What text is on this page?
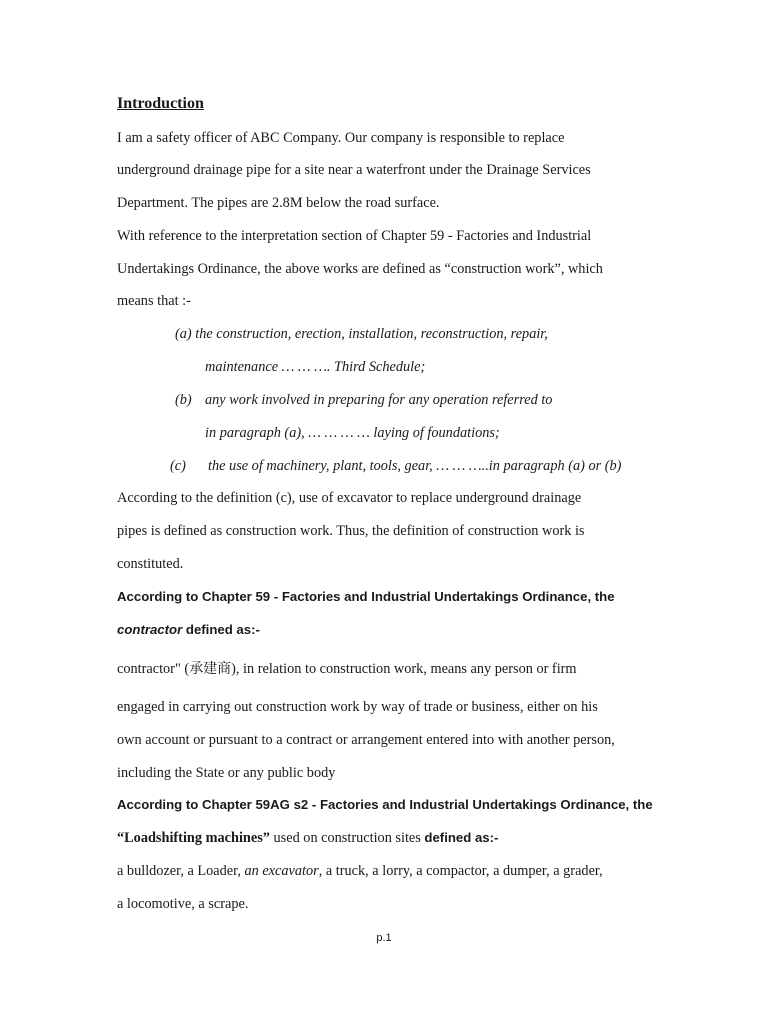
Introduction
I am a safety officer of ABC Company. Our company is responsible to replace
underground drainage pipe for a site near a waterfront under the Drainage Services
Department. The pipes are 2.8M below the road surface.
With reference to the interpretation section of Chapter 59 - Factories and Industrial
Undertakings Ordinance, the above works are defined as “construction work”, which
means that :-
(a) the construction, erection, installation, reconstruction, repair,
maintenance … … …. Third Schedule;
(b) any work involved in preparing for any operation referred to
in paragraph (a), … … … … laying of foundations;
(c) the use of machinery, plant, tools, gear, … … …..in paragraph (a) or (b)
According to the definition (c), use of excavator to replace underground drainage
pipes is defined as construction work. Thus, the definition of construction work is
constituted.
According to Chapter 59 - Factories and Industrial Undertakings Ordinance, the
contractor defined as:-
contractor" (承建商), in relation to construction work, means any person or firm
engaged in carrying out construction work by way of trade or business, either on his
own account or pursuant to a contract or arrangement entered into with another person,
including the State or any public body
According to Chapter 59AG s2 - Factories and Industrial Undertakings Ordinance, the
“Loadshifting machines” used on construction sites defined as:-
a bulldozer, a Loader, an excavator, a truck, a lorry, a compactor, a dumper, a grader,
a locomotive, a scrape.
p.1
